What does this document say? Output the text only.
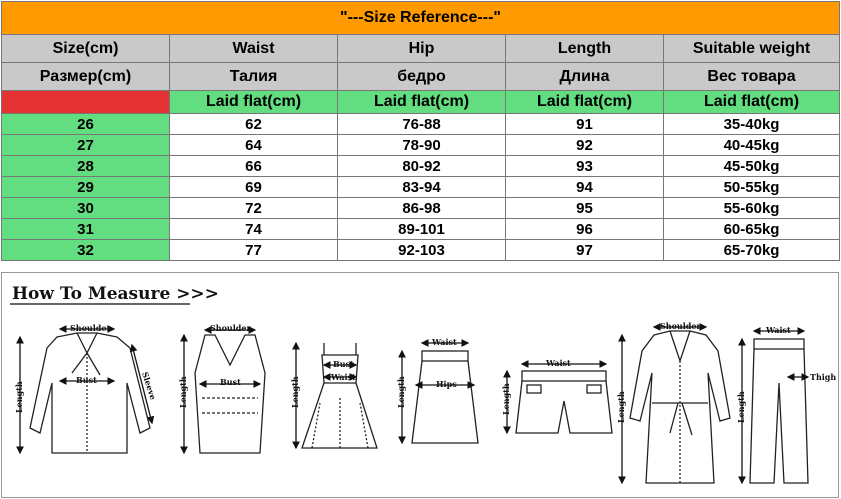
"---Size Reference---"				
Size(cm)	Waist	Hip	Length	Suitable weight
Размер(cm)	Талия	бедро	Длина	Вес товара
	Laid flat(cm)	Laid flat(cm)	Laid flat(cm)	Laid flat(cm)
26	62	76-88	91	35-40kg
27	64	78-90	92	40-45kg
28	66	80-92	93	45-50kg
29	69	83-94	94	50-55kg
30	72	86-98	95	55-60kg
31	74	89-101	96	60-65kg
32	77	92-103	97	65-70kg
How To Measure >>>
Shoulder
Bust
Length	Sleeve
Shoulder
Bust
Length
Bust
Waist
Length
Waist
Hips
Length
Waist
Length
Shoulder
Length
Waist
Thigh
Length
